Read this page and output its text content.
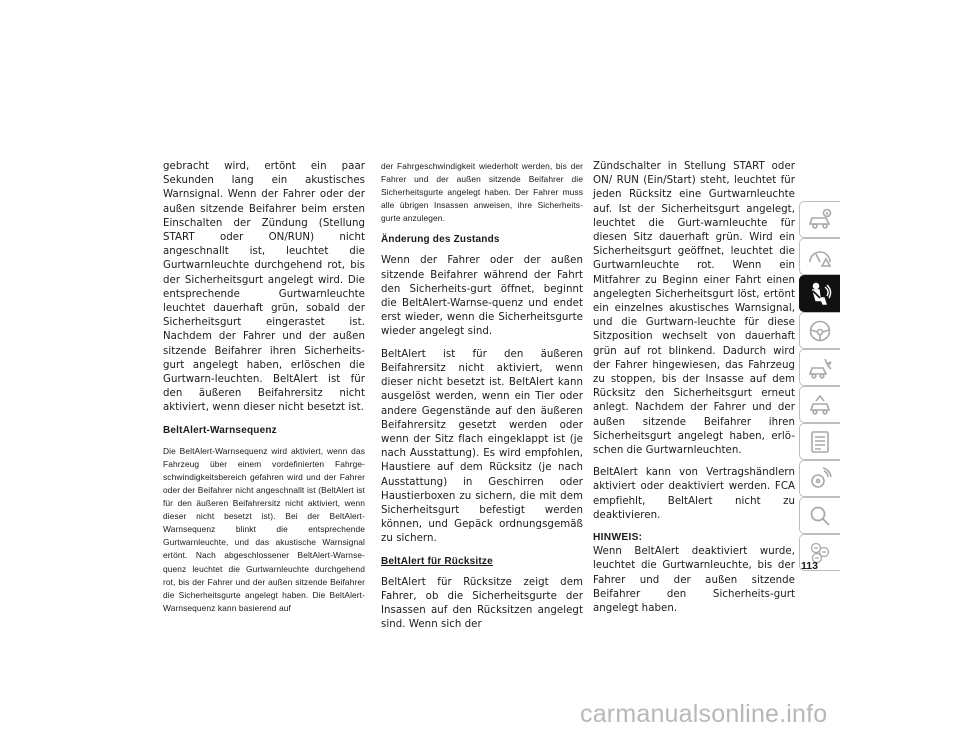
gebracht wird, ertönt ein paar Sekunden lang ein akustisches Warnsignal. Wenn der Fahrer oder der außen sitzende Beifahrer beim ersten Einschalten der Zündung (Stellung START oder ON/RUN) nicht angeschnallt ist, leuchtet die Gurtwarnleuchte durchgehend rot, bis der Sicherheitsgurt angelegt wird. Die entsprechende Gurtwarnleuchte leuchtet dauerhaft grün, sobald der Sicherheitsgurt eingerastet ist. Nachdem der Fahrer und der außen sitzende Beifahrer ihren Sicherheits-gurt angelegt haben, erlöschen die Gurtwarn-leuchten. BeltAlert ist für den äußeren Beifahrersitz nicht aktiviert, wenn dieser nicht besetzt ist.

BeltAlert-Warnsequenz

Die BeltAlert-Warnsequenz wird aktiviert, wenn das Fahrzeug über einem vordefinierten Fahrge-schwindigkeitsbereich gefahren wird und der Fahrer oder der Beifahrer nicht angeschnallt ist (BeltAlert ist für den äußeren Beifahrersitz nicht aktiviert, wenn dieser nicht besetzt ist). Bei der BeltAlert-Warnsequenz blinkt die entsprechende Gurtwarnleuchte, und das akustische Warnsignal ertönt. Nach abgeschlossener BeltAlert-Warnse-quenz leuchtet die Gurtwarnleuchte durchgehend rot, bis der Fahrer und der außen sitzende Beifahrer die Sicherheitsgurte angelegt haben. Die BeltAlert-Warnsequenz kann basierend auf

der Fahrgeschwindigkeit wiederholt werden, bis der Fahrer und der außen sitzende Beifahrer die Sicherheitsgurte angelegt haben. Der Fahrer muss alle übrigen Insassen anweisen, ihre Sicherheits-gurte anzulegen.

Änderung des Zustands

Wenn der Fahrer oder der außen sitzende Beifahrer während der Fahrt den Sicherheits-gurt öffnet, beginnt die BeltAlert-Warnse-quenz und endet erst wieder, wenn die Sicherheitsgurte wieder angelegt sind.

BeltAlert ist für den äußeren Beifahrersitz nicht aktiviert, wenn dieser nicht besetzt ist. BeltAlert kann ausgelöst werden, wenn ein Tier oder andere Gegenstände auf den äußeren Beifahrersitz gesetzt werden oder wenn der Sitz flach eingeklappt ist (je nach Ausstattung). Es wird empfohlen, Haustiere auf dem Rücksitz (je nach Ausstattung) in Geschirren oder Haustierboxen zu sichern, die mit dem Sicherheitsgurt befestigt werden können, und Gepäck ordnungsgemäß zu sichern.

BeltAlert für Rücksitze

BeltAlert für Rücksitze zeigt dem Fahrer, ob die Sicherheitsgurte der Insassen auf den Rücksitzen angelegt sind. Wenn sich der

Zündschalter in Stellung START oder ON/ RUN (Ein/Start) steht, leuchtet für jeden Rücksitz eine Gurtwarnleuchte auf. Ist der Sicherheitsgurt angelegt, leuchtet die Gurt-warnleuchte für diesen Sitz dauerhaft grün. Wird ein Sicherheitsgurt geöffnet, leuchtet die Gurtwarnleuchte rot. Wenn ein Mitfahrer zu Beginn einer Fahrt einen angelegten Sicherheitsgurt löst, ertönt ein einzelnes akustisches Warnsignal, und die Gurtwarn-leuchte für diese Sitzposition wechselt von dauerhaft grün auf rot blinkend. Dadurch wird der Fahrer hingewiesen, das Fahrzeug zu stoppen, bis der Insasse auf dem Rücksitz den Sicherheitsgurt erneut anlegt. Nachdem der Fahrer und der außen sitzende Beifahrer ihren Sicherheitsgurt angelegt haben, erlö-schen die Gurtwarnleuchten.

BeltAlert kann von Vertragshändlern aktiviert oder deaktiviert werden. FCA empfiehlt, BeltAlert nicht zu deaktivieren.

HINWEIS:
Wenn BeltAlert deaktiviert wurde, leuchtet die Gurtwarnleuchte, bis der Fahrer und der außen sitzende Beifahrer den Sicherheits-gurt angelegt haben.

113
carmanualsonline.info
